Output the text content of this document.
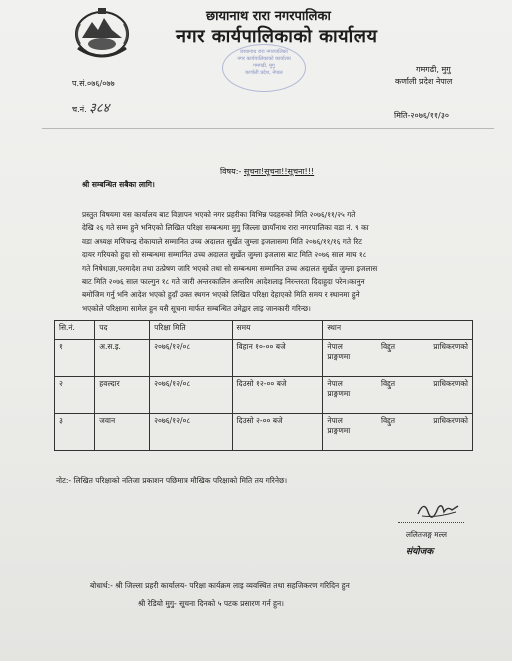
छायानाथ रारा नगरपालिका
नगर कार्यपालिकाको कार्यालय
गमगढी, मुगु
कर्णाली प्रदेश नेपाल
छायानाथ रारा नगरपालिका
नगर कार्यपालिकाको कार्यालय
गमगढी, मुगु
कर्णाली प्रदेश, नेपाल
प.सं.०७६/०७७
च.नं. ३८४	मिति-२०७६/११/३०
विषय:- सूचना!सूचना!!सूचना!!!
श्री सम्बन्धित सबैका लागि।
प्रस्तुत विषयमा यस कार्यालय बाट विज्ञापन भएको नगर प्रहरीका विभिन्न पदहरुको मिति २०७६/११/२५ गते
देखि २६ गते सम्म हुने भनिएको लिखित परिक्षा सम्बन्धमा मुगु जिल्ला छायाँनाथ रारा नगरपालिका वडा नं. ९ का
वडा अध्यक्ष मणिचन्द्र रोकायाले सम्मानित उच्च अदालत सुर्खेत जुम्ला इजलासमा मिति २०७६/११/१६ गते रिट
दायर गरियको हुदा सो सम्बन्धमा सम्मानित उच्च अदालत सुर्खेत जुम्ला इजलास बाट मिति २०७६ साल माघ १८
गते निषेधाज्ञा,परमादेश तथा उत्प्रेषण जारि भएको तथा सो सम्बन्धमा सम्मानित उच्च अदालत सुर्खेत जुम्ला इजलास
बाट मिति २०७६ साल फाल्गुन १८ गते जारी अन्तरकालिन अन्तरिम आदेशलाइ निरन्तरता दिदाहुदा परेन।कानुन
बमोजिम गर्नु भनि आदेश भएको हुदाँ उक्त स्थगन भएको लिखित परिक्षा देहाएको मिति समय र स्थानमा हुने
भएकोले परिक्षामा सामेल हुन यसै सूचना मार्फत सम्बन्धित उमेद्वार लाइ जानकारी गरिन्छ।
सि.नं.	पद	परिक्षा मिति	समय	स्थान
१	अ.स.इ.	२०७६/१२/०८	विहान १०-०० बजे	नेपाल विद्दुत प्राधिकरणको
प्राङ्गणमा

२	हवल्दार	२०७६/१२/०८	दिउसो १२-०० बजे	नेपाल विद्दुत प्राधिकरणको
प्राङ्गणमा

३	जवान	२०७६/१२/०८	दिउसो २-०० बजे	नेपाल विद्दुत प्राधिकरणको
प्राङ्गणमा
नोट:- लिखित परिक्षाको नतिजा प्रकाशन पछिमात्र मौखिक परिक्षाको मिति तय गरिनेछ।
ललितजङ्ग मल्ल
संयोजक
बोधार्थ:- श्री जिल्ला प्रहरी कार्यालय- परिक्षा कार्यक्रम लाइ व्यवस्थित तथा सहजिकरण गरिदिन हुन
श्री रेडियो मुगु- सूचना दिनको ५ पटक प्रसारण गर्न हुन।
